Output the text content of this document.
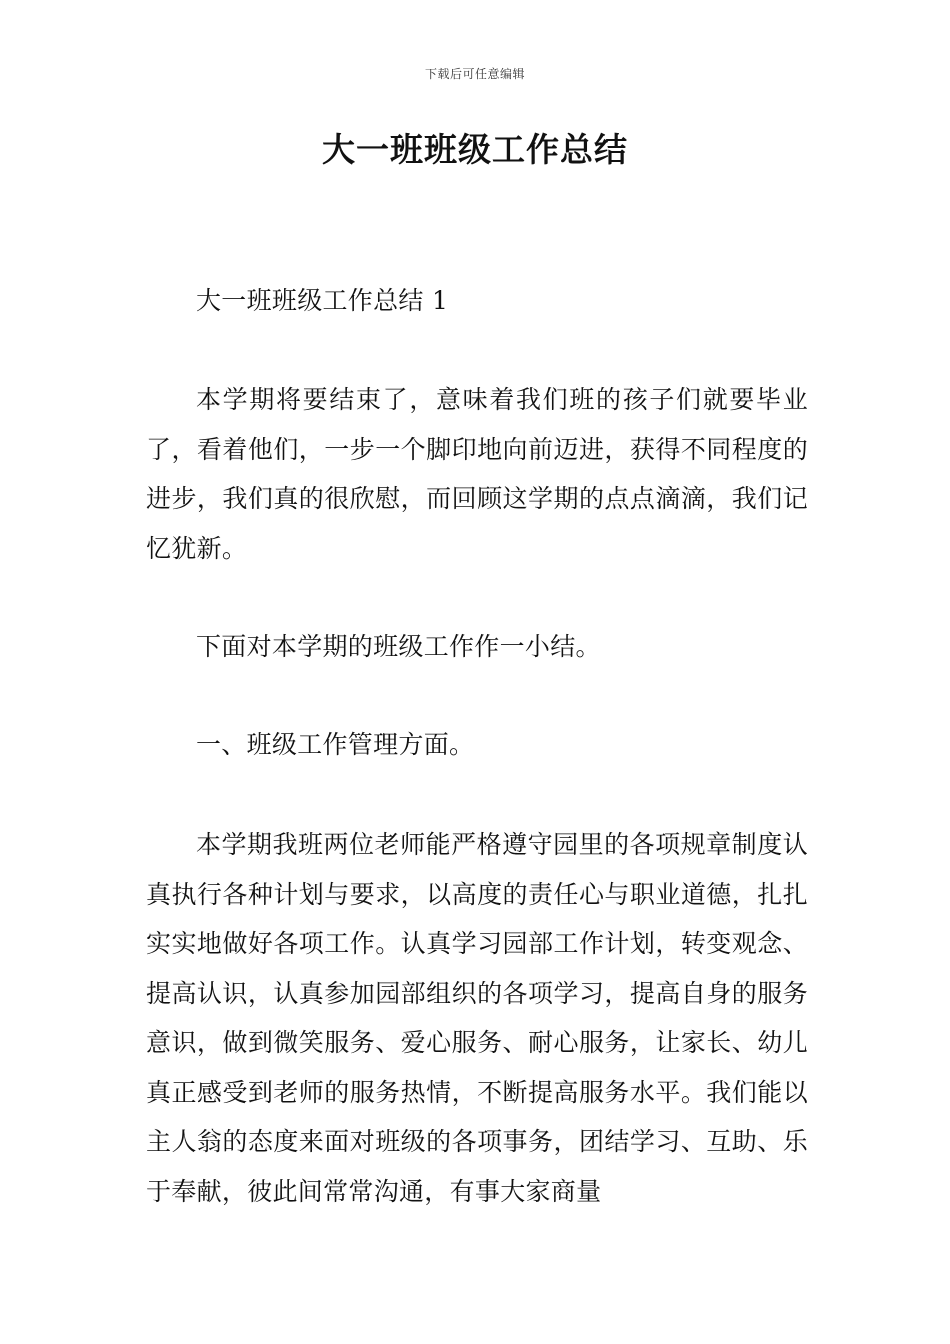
下载后可任意编辑
大一班班级工作总结

大一班班级工作总结 1

本学期将要结束了，意味着我们班的孩子们就要毕业了，看着他们，一步一个脚印地向前迈进，获得不同程度的进步，我们真的很欣慰，而回顾这学期的点点滴滴，我们记忆犹新。

下面对本学期的班级工作作一小结。

一、班级工作管理方面。

本学期我班两位老师能严格遵守园里的各项规章制度认真执行各种计划与要求，以高度的责任心与职业道德，扎扎实实地做好各项工作。认真学习园部工作计划，转变观念、提高认识，认真参加园部组织的各项学习，提高自身的服务意识，做到微笑服务、爱心服务、耐心服务，让家长、幼儿真正感受到老师的服务热情，不断提高服务水平。我们能以主人翁的态度来面对班级的各项事务，团结学习、互助、乐于奉献，彼此间常常沟通，有事大家商量
